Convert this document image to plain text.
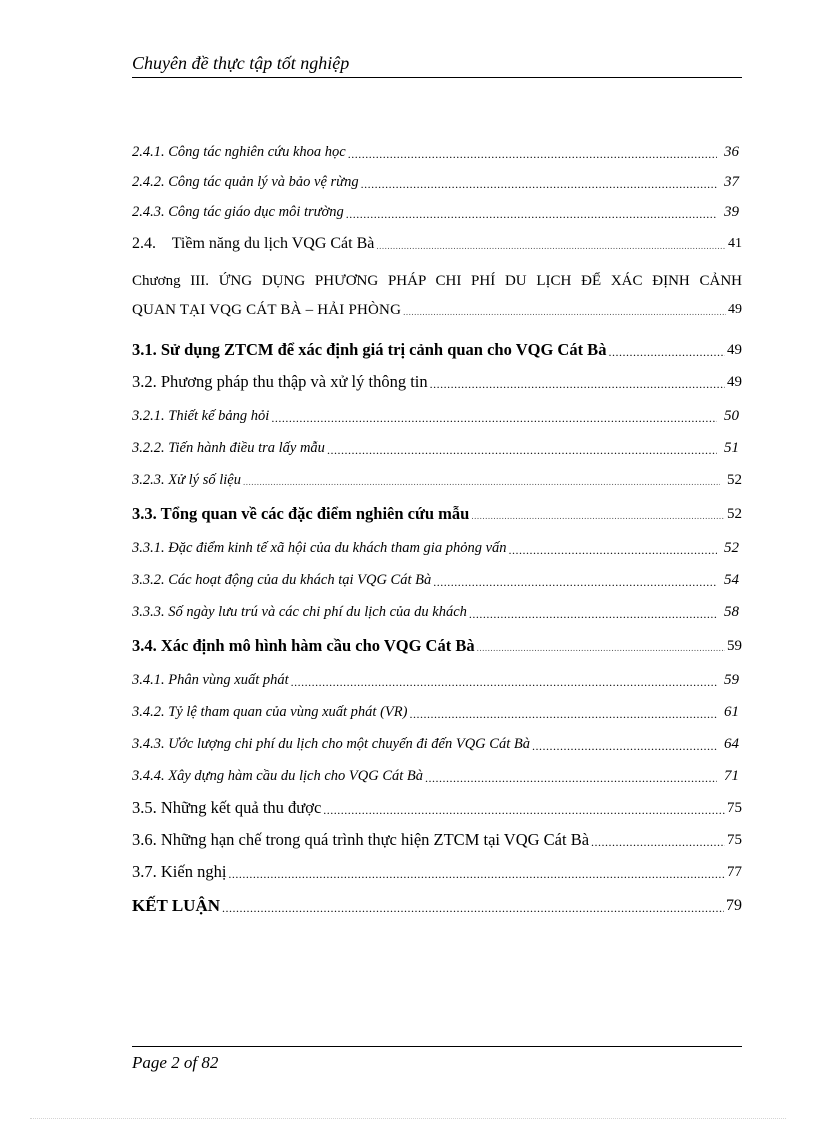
Chuyên đề thực tập tốt nghiệp
2.4.1. Công tác nghiên cứu khoa học .....	36
2.4.2. Công tác quản lý và bảo vệ rừng .....	37
2.4.3. Công tác giáo dục môi trường .....	39
2.4.    Tiềm năng du lịch VQG Cát Bà .....	41
Chương III. ỨNG DỤNG PHƯƠNG PHÁP CHI PHÍ DU LỊCH ĐỂ XÁC ĐỊNH CẢNH
QUAN TẠI VQG CÁT BÀ – HẢI PHÒNG .....	49
3.1. Sử dụng ZTCM để xác định giá trị cảnh quan cho VQG Cát Bà .....	49
3.2. Phương pháp thu thập và xử lý thông tin .....	49
3.2.1. Thiết kế bảng hỏi .....	50
3.2.2. Tiến hành điều tra lấy mẫu .....	51
3.2.3. Xử lý số liệu .....	52
3.3. Tổng quan về các đặc điểm nghiên cứu mẫu .....	52
3.3.1. Đặc điểm kinh tế xã hội của du khách tham gia phỏng vấn .....	52
3.3.2. Các hoạt động của du khách tại VQG Cát Bà .....	54
3.3.3. Số ngày lưu trú và các chi phí du lịch của du khách .....	58
3.4. Xác định mô hình hàm cầu cho VQG Cát Bà .....	59
3.4.1. Phân vùng xuất phát .....	59
3.4.2. Tỷ lệ tham quan của vùng xuất phát (VR) .....	61
3.4.3. Ước lượng chi phí du lịch cho một chuyến đi đến VQG Cát Bà .....	64
3.4.4. Xây dựng hàm cầu du lịch cho VQG Cát Bà .....	71
3.5. Những kết quả thu được .....	75
3.6. Những hạn chế trong quá trình thực hiện ZTCM tại VQG Cát Bà .....	75
3.7. Kiến nghị .....	77
KẾT LUẬN .....	79
Page 2 of 82
